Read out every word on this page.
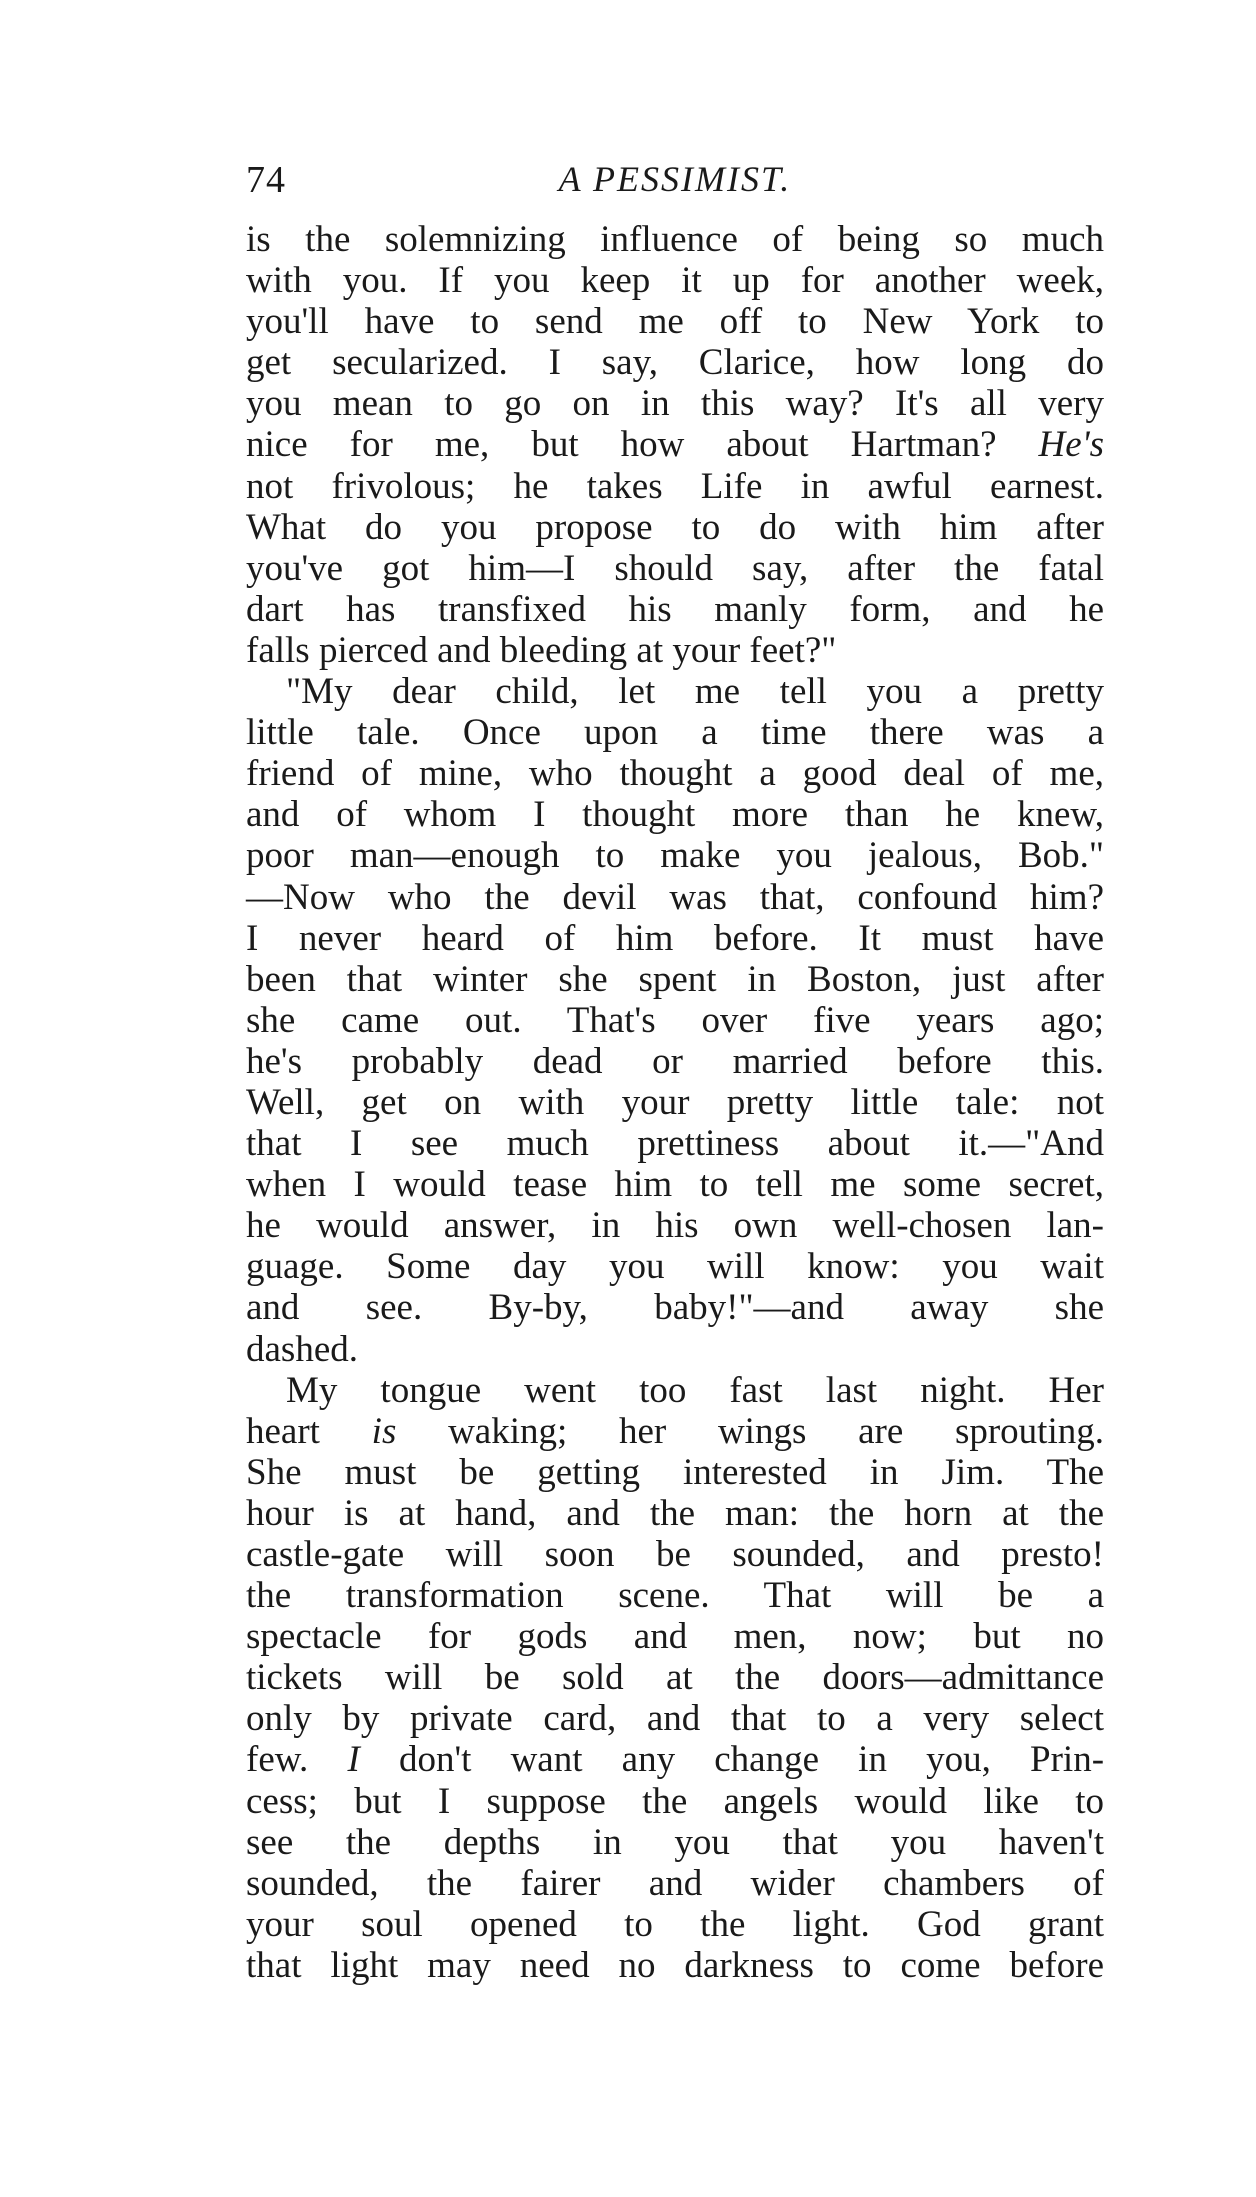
74	A PESSIMIST.
is the solemnizing influence of being so much
with you. If you keep it up for another week,
you'll have to send me off to New York to
get secularized. I say, Clarice, how long do
you mean to go on in this way? It's all very
nice for me, but how about Hartman? He's
not frivolous; he takes Life in awful earnest.
What do you propose to do with him after
you've got him—I should say, after the fatal
dart has transfixed his manly form, and he
falls pierced and bleeding at your feet?"
"My dear child, let me tell you a pretty
little tale. Once upon a time there was a
friend of mine, who thought a good deal of me,
and of whom I thought more than he knew,
poor man—enough to make you jealous, Bob."
—Now who the devil was that, confound him?
I never heard of him before. It must have
been that winter she spent in Boston, just after
she came out. That's over five years ago;
he's probably dead or married before this.
Well, get on with your pretty little tale: not
that I see much prettiness about it.—"And
when I would tease him to tell me some secret,
he would answer, in his own well-chosen lan-
guage. Some day you will know: you wait
and see. By-by, baby!"—and away she
dashed.
My tongue went too fast last night. Her
heart is waking; her wings are sprouting.
She must be getting interested in Jim. The
hour is at hand, and the man: the horn at the
castle-gate will soon be sounded, and presto!
the transformation scene. That will be a
spectacle for gods and men, now; but no
tickets will be sold at the doors—admittance
only by private card, and that to a very select
few. I don't want any change in you, Prin-
cess; but I suppose the angels would like to
see the depths in you that you haven't
sounded, the fairer and wider chambers of
your soul opened to the light. God grant
that light may need no darkness to come before
